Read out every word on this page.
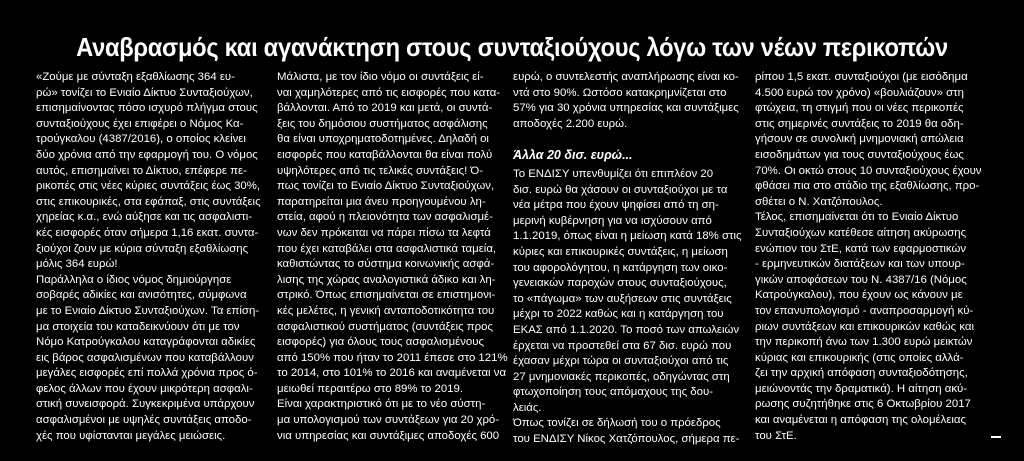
Αναβρασμός και αγανάκτηση στους συνταξιούχους λόγω των νέων περικοπών

«Ζούμε με σύνταξη εξαθλίωσης 364 ευ-

ρώ» τονίζει το Ενιαίο Δίκτυο Συνταξιούχων,

επισημαίνοντας πόσο ισχυρό πλήγμα στους

συνταξιούχους έχει επιφέρει ο Νόμος Κα-

τρούγκαλου (4387/2016), ο οποίος κλείνει

δύο χρόνια από την εφαρμογή του. Ο νόμος

αυτός, επισημαίνει το Δίκτυο, επέφερε πε-

ρικοπές στις νέες κύριες συντάξεις έως 30%,

στις επικουρικές, στα εφάπαξ, στις συντάξεις

χηρείας κ.α., ενώ αύξησε και τις ασφαλιστι-

κές εισφορές όταν σήμερα 1,16 εκατ. συντα-

ξιούχοι ζουν με κύρια σύνταξη εξαθλίωσης

μόλις 364 ευρώ!

Παράλληλα ο ίδιος νόμος δημιούργησε

σοβαρές αδικίες και ανισότητες, σύμφωνα

με το Ενιαίο Δίκτυο Συνταξιούχων. Τα επίση-

μα στοιχεία του καταδεικνύουν ότι με τον

Νόμο Κατρούγκαλου καταγράφονται αδικίες

εις βάρος ασφαλισμένων που καταβάλλουν

μεγάλες εισφορές επί πολλά χρόνια προς ό-

φελος άλλων που έχουν μικρότερη ασφαλι-

στική συνεισφορά. Συγκεκριμένα υπάρχουν

ασφαλισμένοι με υψηλές συντάξεις αποδο-

χές που υφίστανται μεγάλες μειώσεις.

Μάλιστα, με τον ίδιο νόμο οι συντάξεις εί-

ναι χαμηλότερες από τις εισφορές που κατα-

βάλλονται. Από το 2019 και μετά, οι συντά-

ξεις του δημόσιου συστήματος ασφάλισης

θα είναι υποχρηματοδοτημένες. Δηλαδή οι

εισφορές που καταβάλλονται θα είναι πολύ

υψηλότερες από τις τελικές συντάξεις! Ό-

πως τονίζει το Ενιαίο Δίκτυο Συνταξιούχων,

παρατηρείται μια άνευ προηγουμένου λη-

στεία, αφού η πλειονότητα των ασφαλισμέ-

νων δεν πρόκειται να πάρει πίσω τα λεφτά

που έχει καταβάλει στα ασφαλιστικά ταμεία,

καθιστώντας το σύστημα κοινωνικής ασφά-

λισης της χώρας αναλογιστικά άδικο και λη-

στρικό. Όπως επισημαίνεται σε επιστημονι-

κές μελέτες, η γενική ανταποδοτικότητα του

ασφαλιστικού συστήματος (συντάξεις προς

εισφορές) για όλους τους ασφαλισμένους

από 150% που ήταν το 2011 έπεσε στο 121%

το 2014, στο 101% το 2016 και αναμένεται να

μειωθεί περαιτέρω στο 89% το 2019.

Είναι χαρακτηριστικό ότι με το νέο σύστη-

μα υπολογισμού των συντάξεων για 20 χρό-

νια υπηρεσίας και συντάξιμες αποδοχές 600

ευρώ, ο συντελεστής αναπλήρωσης είναι κο-

ντά στο 90%. Ωστόσο κατακρημνίζεται στο

57% για 30 χρόνια υπηρεσίας και συντάξιμες

αποδοχές 2.200 ευρώ.

Άλλα 20 δισ. ευρώ...

Το ΕΝΔΙΣΥ υπενθυμίζει ότι επιπλέον 20

δισ. ευρώ θα χάσουν οι συνταξιούχοι με τα

νέα μέτρα που έχουν ψηφίσει από τη ση-

μερινή κυβέρνηση για να ισχύσουν από

1.1.2019, όπως είναι η μείωση κατά 18% στις

κύριες και επικουρικές συντάξεις, η μείωση

του αφορολόγητου, η κατάργηση των οικο-

γενειακών παροχών στους συνταξιούχους,

το «πάγωμα» των αυξήσεων στις συντάξεις

μέχρι το 2022 καθώς και η κατάργηση του

ΕΚΑΣ από 1.1.2020. Το ποσό των απωλειών

έρχεται να προστεθεί στα 67 δισ. ευρώ που

έχασαν μέχρι τώρα οι συνταξιούχοι από τις

27 μνημονιακές περικοπές, οδηγώντας στη

φτωχοποίηση τους απόμαχους της δου-

λειάς.

Όπως τονίζει σε δήλωσή του ο πρόεδρος

του ΕΝΔΙΣΥ Νίκος Χατζόπουλος, σήμερα πε-

ρίπου 1,5 εκατ. συνταξιούχοι (με εισόδημα

4.500 ευρώ τον χρόνο) «βουλιάζουν» στη

φτώχεια, τη στιγμή που οι νέες περικοπές

στις σημερινές συντάξεις το 2019 θα οδη-

γήσουν σε συνολική μνημονιακή απώλεια

εισοδημάτων για τους συνταξιούχους έως

70%. Οι οκτώ στους 10 συνταξιούχους έχουν

φθάσει πια στο στάδιο της εξαθλίωσης, προ-

σθέτει ο Ν. Χατζόπουλος.

Τέλος, επισημαίνεται ότι το Ενιαίο Δίκτυο

Συνταξιούχων κατέθεσε αίτηση ακύρωσης

ενώπιον του ΣτΕ, κατά των εφαρμοστικών

- ερμηνευτικών διατάξεων και των υπουρ-

γικών αποφάσεων του Ν. 4387/16 (Νόμος

Κατρούγκαλου), που έχουν ως κάνουν με

τον επανυπολογισμό - αναπροσαρμογή κύ-

ριων συντάξεων και επικουρικών καθώς και

την περικοπή άνω των 1.300 ευρώ μεικτών

κύριας και επικουρικής (στις οποίες αλλά-

ζει την αρχική απόφαση συνταξιοδότησης,

μειώνοντάς την δραματικά). Η αίτηση ακύ-

ρωσης συζητήθηκε στις 6 Οκτωβρίου 2017

και αναμένεται η απόφαση της ολομέλειας

του ΣτΕ.
